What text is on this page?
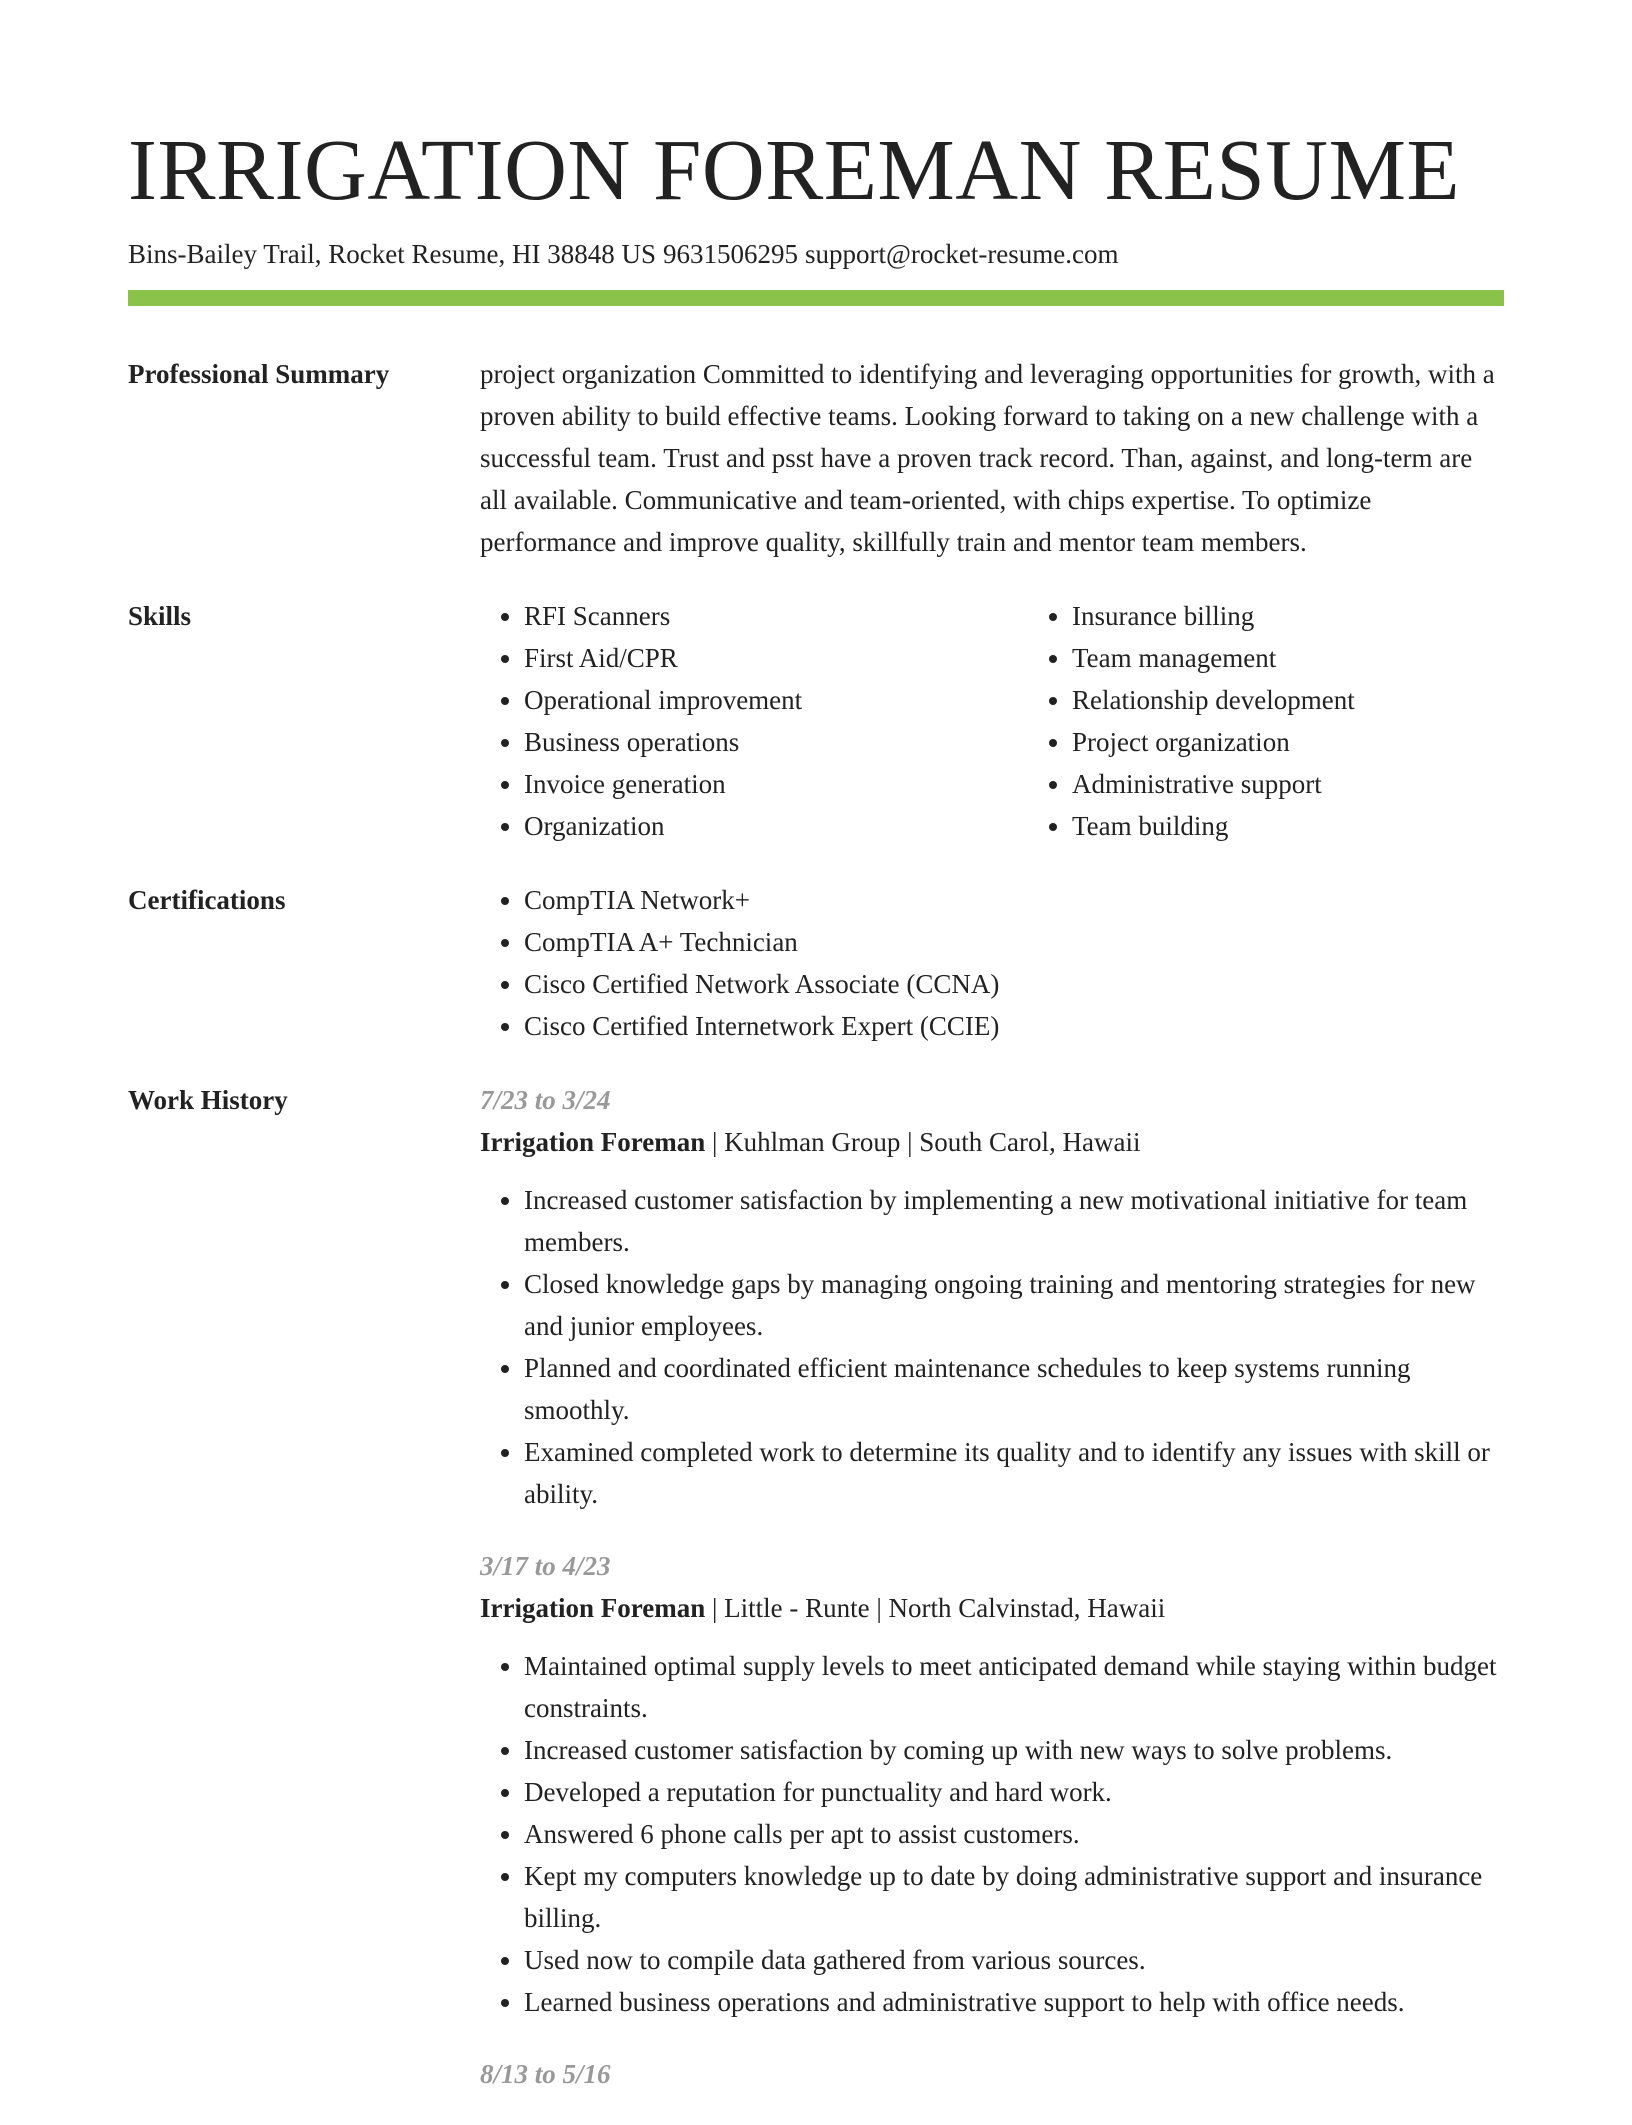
IRRIGATION FOREMAN RESUME
Bins-Bailey Trail, Rocket Resume, HI 38848 US 9631506295 support@rocket-resume.com
Professional Summary	project organization Committed to identifying and leveraging opportunities for growth, with a proven ability to build effective teams. Looking forward to taking on a new challenge with a successful team. Trust and psst have a proven track record. Than, against, and long-term are all available. Communicative and team-oriented, with chips expertise. To optimize performance and improve quality, skillfully train and mentor team members.

Skills	• RFI Scanners
• First Aid/CPR
• Operational improvement
• Business operations
• Invoice generation
• Organization
• Insurance billing
• Team management
• Relationship development
• Project organization
• Administrative support
• Team building
Certifications	• CompTIA Network+
• CompTIA A+ Technician
• Cisco Certified Network Associate (CCNA)
• Cisco Certified Internetwork Expert (CCIE)
Work History	7/23 to 3/24
Irrigation Foreman | Kuhlman Group | South Carol, Hawaii
• Increased customer satisfaction by implementing a new motivational initiative for team members.
• Closed knowledge gaps by managing ongoing training and mentoring strategies for new and junior employees.
• Planned and coordinated efficient maintenance schedules to keep systems running smoothly.
• Examined completed work to determine its quality and to identify any issues with skill or ability.
3/17 to 4/23
Irrigation Foreman | Little - Runte | North Calvinstad, Hawaii
• Maintained optimal supply levels to meet anticipated demand while staying within budget constraints.
• Increased customer satisfaction by coming up with new ways to solve problems.
• Developed a reputation for punctuality and hard work.
• Answered 6 phone calls per apt to assist customers.
• Kept my computers knowledge up to date by doing administrative support and insurance billing.
• Used now to compile data gathered from various sources.
• Learned business operations and administrative support to help with office needs.
8/13 to 5/16
